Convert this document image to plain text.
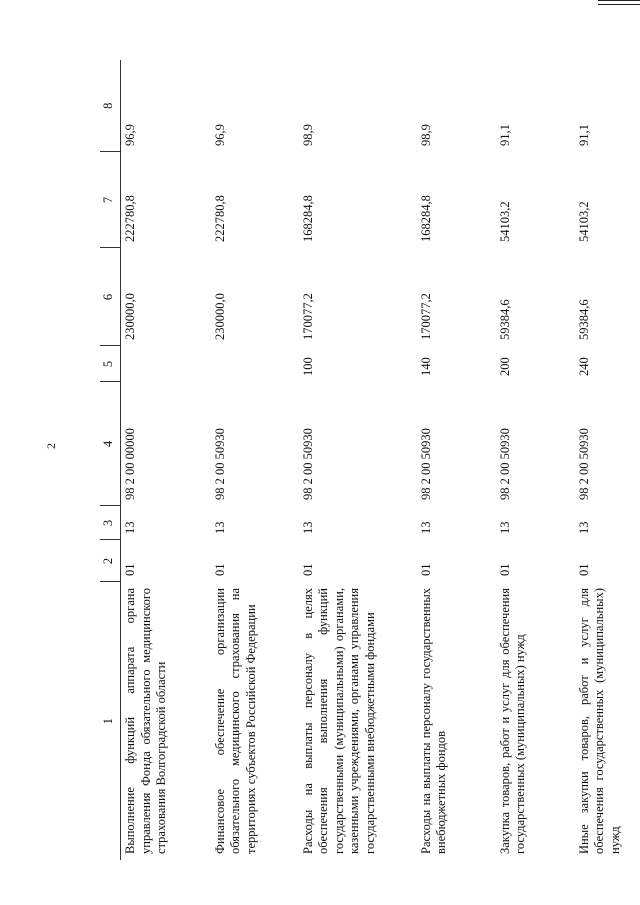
2
1	2	3	4	5	6	7	8
Выполнение функций аппарата органа управления Фонда обязательного медицинского страхования Волгоградской области	01	13	98 2 00 00000		230000,0	222780,8	96,9
Финансовое обеспечение организации обязательного медицинского страхования на территориях субъектов Российской Федерации	01	13	98 2 00 50930		230000,0	222780,8	96,9
Расходы на выплаты персоналу в целях обеспечения выполнения функций государственными (муниципальными) органами, казенными учреждениями, органами управления государственными внебюджетными фондами	01	13	98 2 00 50930	100	170077,2	168284,8	98,9
Расходы на выплаты персоналу государственных внебюджетных фондов	01	13	98 2 00 50930	140	170077,2	168284,8	98,9
Закупка товаров, работ и услуг для обеспечения государственных (муниципальных) нужд	01	13	98 2 00 50930	200	59384,6	54103,2	91,1
Иные закупки товаров, работ и услуг для обеспечения государственных (муниципальных) нужд	01	13	98 2 00 50930	240	59384,6	54103,2	91,1
